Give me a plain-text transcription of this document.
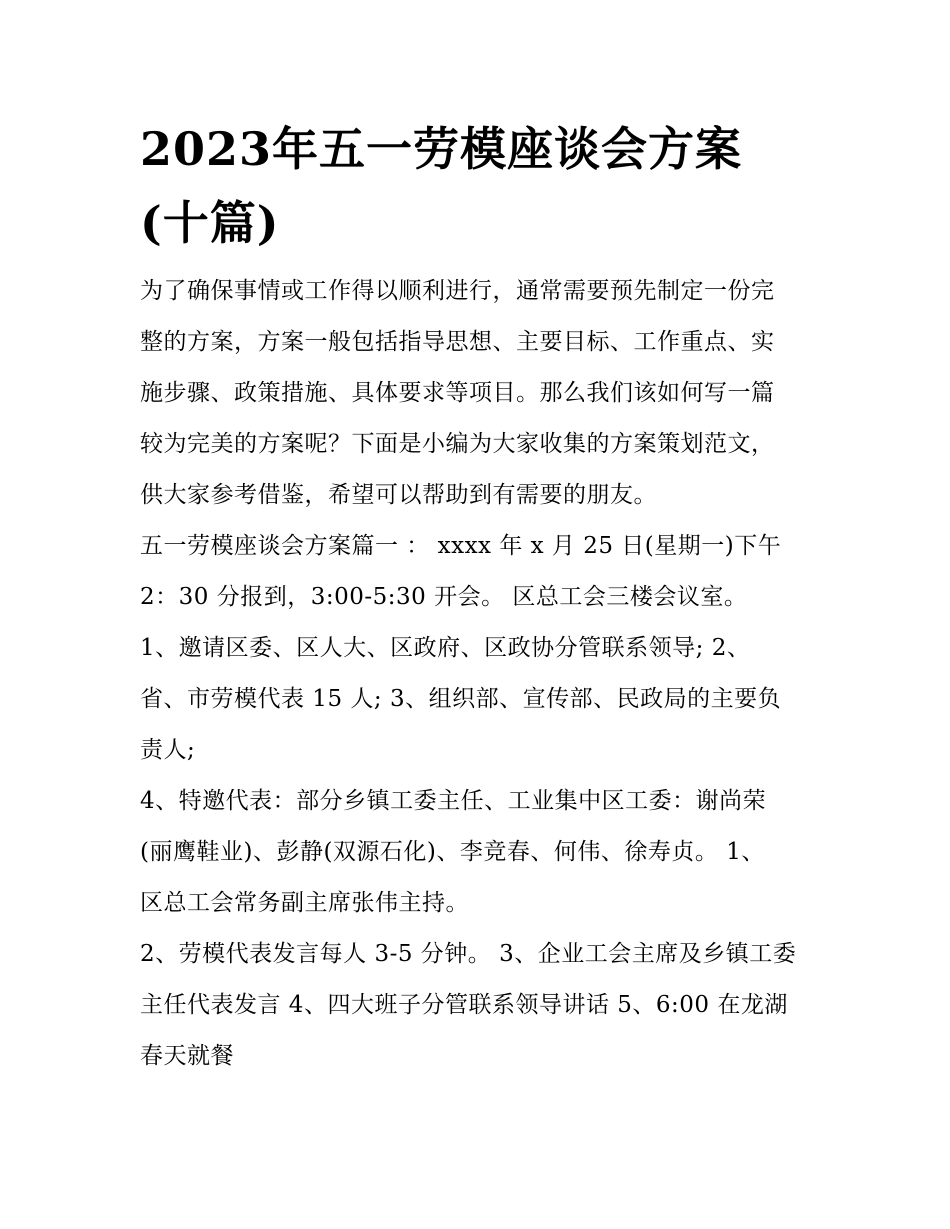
2023年五一劳模座谈会方案
(十篇)

为了确保事情或工作得以顺利进行，通常需要预先制定一份完
整的方案，方案一般包括指导思想、主要目标、工作重点、实
施步骤、政策措施、具体要求等项目。那么我们该如何写一篇
较为完美的方案呢？下面是小编为大家收集的方案策划范文，
供大家参考借鉴，希望可以帮助到有需要的朋友。

五一劳模座谈会方案篇一 ： xxxx 年 x 月 25 日(星期一)下午
2：30 分报到，3:00-5:30 开会。 区总工会三楼会议室。

1、邀请区委、区人大、区政府、区政协分管联系领导; 2、
省、市劳模代表 15 人; 3、组织部、宣传部、民政局的主要负
责人;

4、特邀代表：部分乡镇工委主任、工业集中区工委：谢尚荣
(丽鹰鞋业)、彭静(双源石化)、李竞春、何伟、徐寿贞。 1、
区总工会常务副主席张伟主持。

2、劳模代表发言每人 3-5 分钟。 3、企业工会主席及乡镇工委
主任代表发言 4、四大班子分管联系领导讲话 5、6:00 在龙湖
春天就餐
